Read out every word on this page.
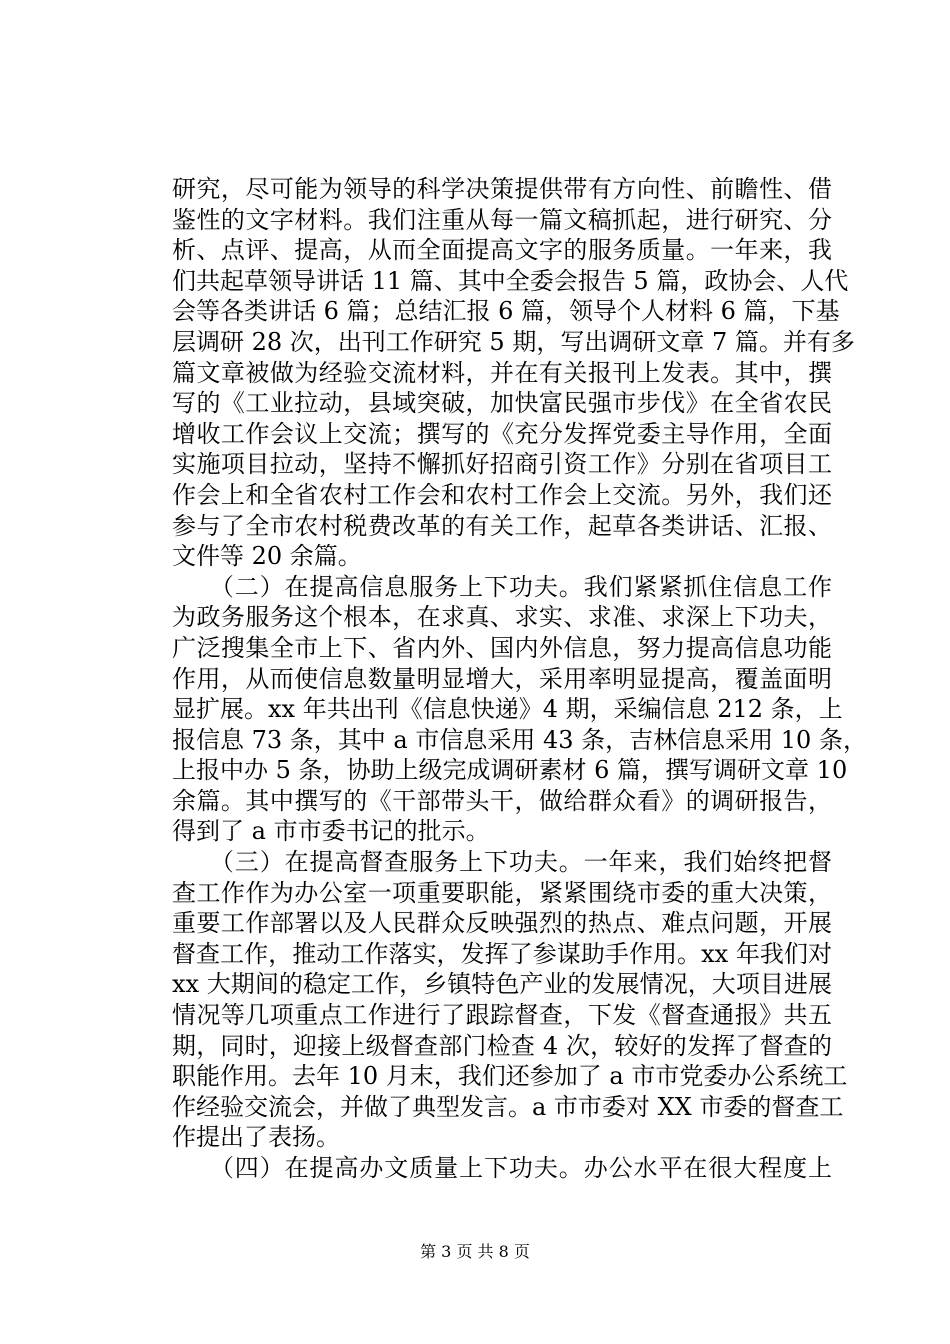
研究，尽可能为领导的科学决策提供带有方向性、前瞻性、借
鉴性的文字材料。我们注重从每一篇文稿抓起，进行研究、分
析、点评、提高，从而全面提高文字的服务质量。一年来，我
们共起草领导讲话 11 篇、其中全委会报告 5 篇，政协会、人代
会等各类讲话 6 篇；总结汇报 6 篇，领导个人材料 6 篇，下基
层调研 28 次，出刊工作研究 5 期，写出调研文章 7 篇。并有多
篇文章被做为经验交流材料，并在有关报刊上发表。其中，撰
写的《工业拉动，县域突破，加快富民强市步伐》在全省农民
增收工作会议上交流；撰写的《充分发挥党委主导作用，全面
实施项目拉动，坚持不懈抓好招商引资工作》分别在省项目工
作会上和全省农村工作会和农村工作会上交流。另外，我们还
参与了全市农村税费改革的有关工作，起草各类讲话、汇报、
文件等 20 余篇。
　　（二）在提高信息服务上下功夫。我们紧紧抓住信息工作
为政务服务这个根本，在求真、求实、求准、求深上下功夫，
广泛搜集全市上下、省内外、国内外信息，努力提高信息功能
作用，从而使信息数量明显增大，采用率明显提高，覆盖面明
显扩展。xx 年共出刊《信息快递》4 期，采编信息 212 条，上
报信息 73 条，其中 a 市信息采用 43 条，吉林信息采用 10 条，
上报中办 5 条，协助上级完成调研素材 6 篇，撰写调研文章 10
余篇。其中撰写的《干部带头干，做给群众看》的调研报告，
得到了 a 市市委书记的批示。
　　（三）在提高督查服务上下功夫。一年来，我们始终把督
查工作作为办公室一项重要职能，紧紧围绕市委的重大决策，
重要工作部署以及人民群众反映强烈的热点、难点问题，开展
督查工作，推动工作落实，发挥了参谋助手作用。xx 年我们对
xx 大期间的稳定工作，乡镇特色产业的发展情况，大项目进展
情况等几项重点工作进行了跟踪督查，下发《督查通报》共五
期，同时，迎接上级督查部门检查 4 次，较好的发挥了督查的
职能作用。去年 10 月末，我们还参加了 a 市市党委办公系统工
作经验交流会，并做了典型发言。a 市市委对 XX 市委的督查工
作提出了表扬。
　　（四）在提高办文质量上下功夫。办公水平在很大程度上
第 3 页 共 8 页
